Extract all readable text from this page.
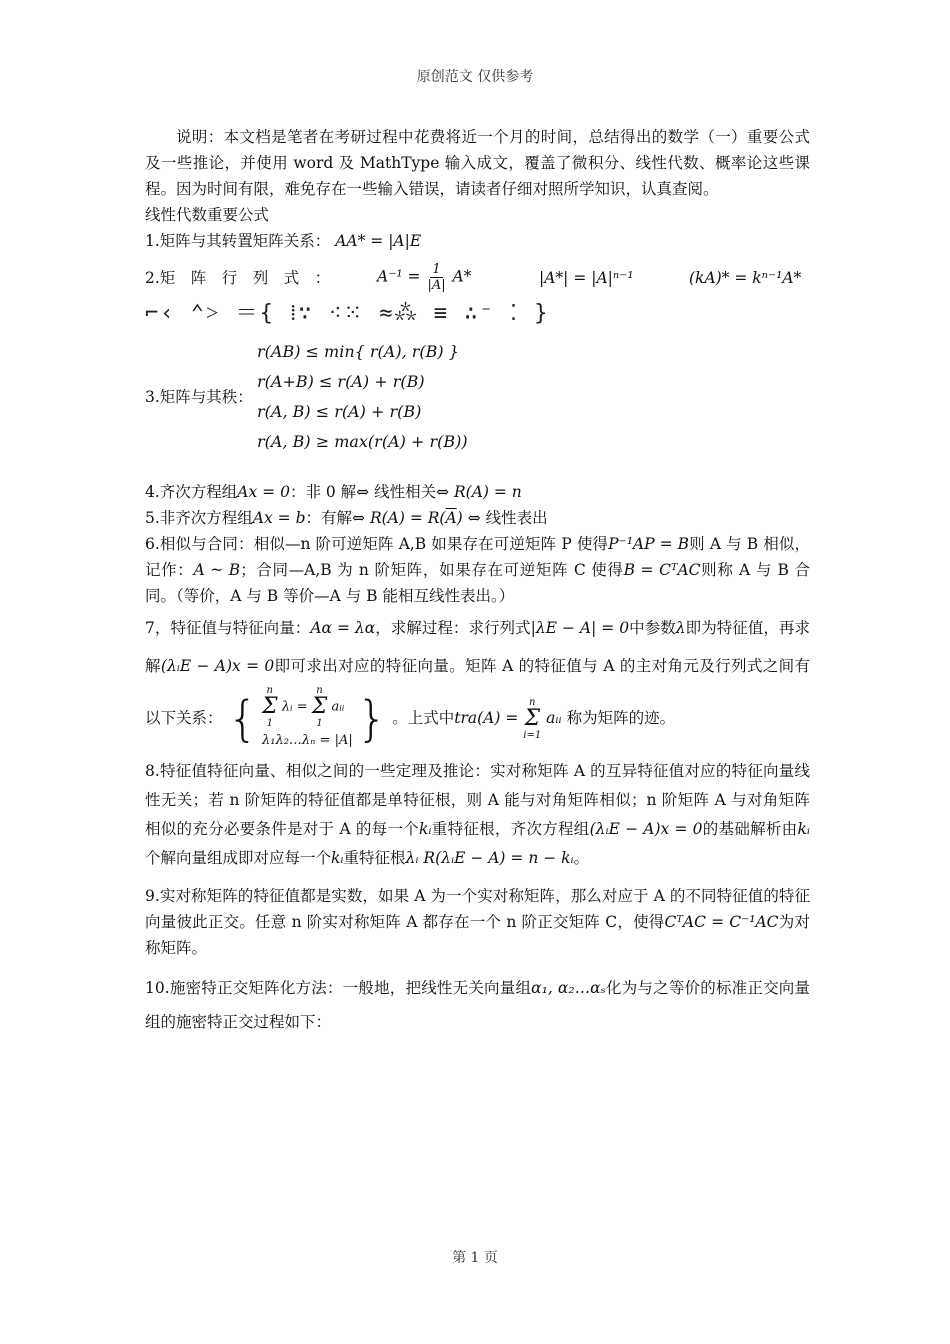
原创范文 仅供参考

说明：本文档是笔者在考研过程中花费将近一个月的时间，总结得出的数学（一）重要公式及一些推论，并使用 word 及 MathType 输入成文，覆盖了微积分、线性代数、概率论这些课程。因为时间有限，难免存在一些输入错误，请读者仔细对照所学知识，认真查阅。

线性代数重要公式

1.矩阵与其转置矩阵关系： AA* = |A|E

2.矩　阵　行　列　式　：	$A^{-1} = \frac{1}{|A|} A*$	|A*| = |A|ⁿ⁻¹	(kA)* = kⁿ⁻¹A*
⌐‹ ⌃˃ ＝{ ⁞∵ ⁖⁙ ≈⁂ ≡ ∴⁻ ⁚ }
3.矩阵与其秩：
r(AB) ≤ min{ r(A), r(B) }
r(A+B) ≤ r(A) + r(B)
r(A, B) ≤ r(A) + r(B)
r(A, B) ≥ max(r(A) + r(B))

4.齐次方程组Ax = 0：非 0 解⇔ 线性相关⇔ R(A) = n

5.非齐次方程组Ax = b：有解⇔ $R(A) = R(\overline{A})$ ⇔ 线性表出

6.相似与合同：相似—n 阶可逆矩阵 A,B 如果存在可逆矩阵 P 使得P⁻¹AP = B则 A 与 B 相似，记作：A ~ B；合同—A,B 为 n 阶矩阵，如果存在可逆矩阵 C 使得B = CᵀAC则称 A 与 B 合同。（等价，A 与 B 等价—A 与 B 能相互线性表出。）

7，特征值与特征向量：Aα = λα，求解过程：求行列式|λE − A| = 0中参数λ即为特征值，再求解(λᵢE − A)x = 0即可求出对应的特征向量。矩阵 A 的特征值与 A 的主对角元及行列式之间有以下关系： {
n
Σ
1
λᵢ =
n
Σ
1
aᵢᵢ
λ₁λ₂…λₙ = |A| } 。上式中tra(A) =
n
Σ
i=1
aᵢᵢ 称为矩阵的迹。

8.特征值特征向量、相似之间的一些定理及推论：实对称矩阵 A 的互异特征值对应的特征向量线性无关；若 n 阶矩阵的特征值都是单特征根，则 A 能与对角矩阵相似；n 阶矩阵 A 与对角矩阵相似的充分必要条件是对于 A 的每一个kᵢ重特征根，齐次方程组(λᵢE − A)x = 0的基础解析由kᵢ个解向量组成即对应每一个kᵢ重特征根λᵢ R(λᵢE − A) = n − kᵢ。

9.实对称矩阵的特征值都是实数，如果 A 为一个实对称矩阵，那么对应于 A 的不同特征值的特征向量彼此正交。任意 n 阶实对称矩阵 A 都存在一个 n 阶正交矩阵 C，使得CᵀAC = C⁻¹AC为对称矩阵。

10.施密特正交矩阵化方法：一般地，把线性无关向量组α₁, α₂…αₛ化为与之等价的标准正交向量组的施密特正交过程如下：

第 1 页
